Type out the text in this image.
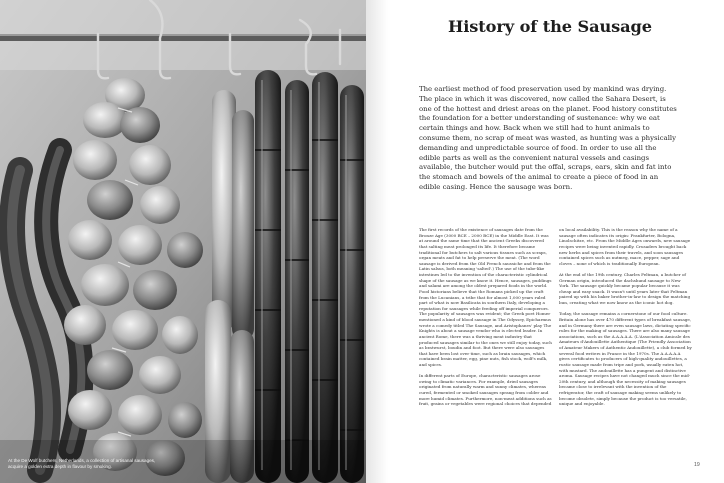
At the De Wolf butchers, Netherlands, a collection of artisanal sausages, acquire a golden extra depth in flavour by smoking.
History of the Sausage

The earliest method of food preservation used by mankind was drying. The place in which it was discovered, now called the Sahara Desert, is one of the hottest and driest areas on the planet. Food history constitutes the foundation for a better understanding of sustenance: why we eat certain things and how. Back when we still had to hunt animals to consume them, no scrap of meat was wasted, as hunting was a physically demanding and unpredictable source of food. In order to use all the edible parts as well as the convenient natural vessels and casings available, the butcher would put the offal, scraps, ears, skin and fat into the stomach and bowels of the animal to create a piece of food in an edible casing. Hence the sausage was born.

The first records of the existence of sausages date from the Bronze Age (3000 BCE – 2000 BCE) in the Middle East. It was at around the same time that the ancient Greeks discovered that salting meat prolonged its life. It therefore became traditional for butchers to salt various tissues such as scraps, organ meats and fat to help preserve the meat. (The word sausage is derived from the Old French saussiche and from the Latin salsus, both meaning 'salted'.) The use of the tube-like intestines led to the invention of the characteristic cylindrical shape of the sausage as we know it. Hence, sausages, puddings and salami are among the oldest prepared foods in the world. Food historians believe that the Romans picked up the craft from the Lucanians, a tribe that for almost 1,000 years ruled part of what is now Basilicata in southern Italy, developing a reputation for sausages while feeding off imperial conquerors. The popularity of sausages was evident; the Greek poet Homer mentioned a kind of blood sausage in The Odyssey, Epicharmus wrote a comedy titled The Sausage, and Aristophanes' play The Knights is about a sausage vendor who is elected leader. In ancient Rome, there was a thriving meat industry that produced sausages similar to the ones we still enjoy today, such as bratwurst, boudin and foot. But there were also sausages that have been lost over time, such as brain sausages, which contained brain matter, egg, pine nuts, fish stock, wolf's milk, and spices.

In different parts of Europe, characteristic sausages arose owing to climatic variances. For example, dried sausages originated from naturally warm and sunny climates, whereas cured, fermented or smoked sausages sprang from colder and more humid climates. Furthermore, non-meat additions such as fruit, grains or vegetables were regional choices that depended

on local availability. This is the reason why the name of a sausage often indicates its origin: Frankfurter, Bologna, Linolschitze, etc. From the Middle Ages onwards, new sausage recipes were being invented rapidly. Crusaders brought back new herbs and spices from their travels, and soon sausages contained spices such as nutmeg, mace, pepper, sage and cloves – none of which is traditionally European.

At the end of the 19th century, Charles Feltman, a butcher of German origin, introduced the dachshund sausage to New York. The sausage quickly became popular because it was cheap and easy snack. It wasn't until years later that Feltman paired up with his baker brother-in-law to design the matching bun, creating what we now know as the iconic hot dog.

Today, the sausage remains a cornerstone of our food culture. Britain alone has over 470 different types of breakfast sausage, and in Germany there are even sausage laws, dictating specific rules for the making of sausages. There are also many sausage associations, such as the A.A.A.A.A. (L'Association Amicale des Amateurs d'Andouillette Authentique (The Friendly Association of Amateur Makers of Authentic Andouillette), a club formed by several food writers in France in the 1970s. The A.A.A.A.A gives certificates to producers of high-quality andouillettes, a rustic sausage made from tripe and pork, usually eaten hot, with mustard. The andouillette has a pungent and distinctive aroma. Sausage recipes have not changed much since the mid-20th century, and although the necessity of making sausages became close to irrelevant with the invention of the refrigerator, the craft of sausage making seems unlikely to become obsolete, simply because the product is too versatile, unique and enjoyable.

19
